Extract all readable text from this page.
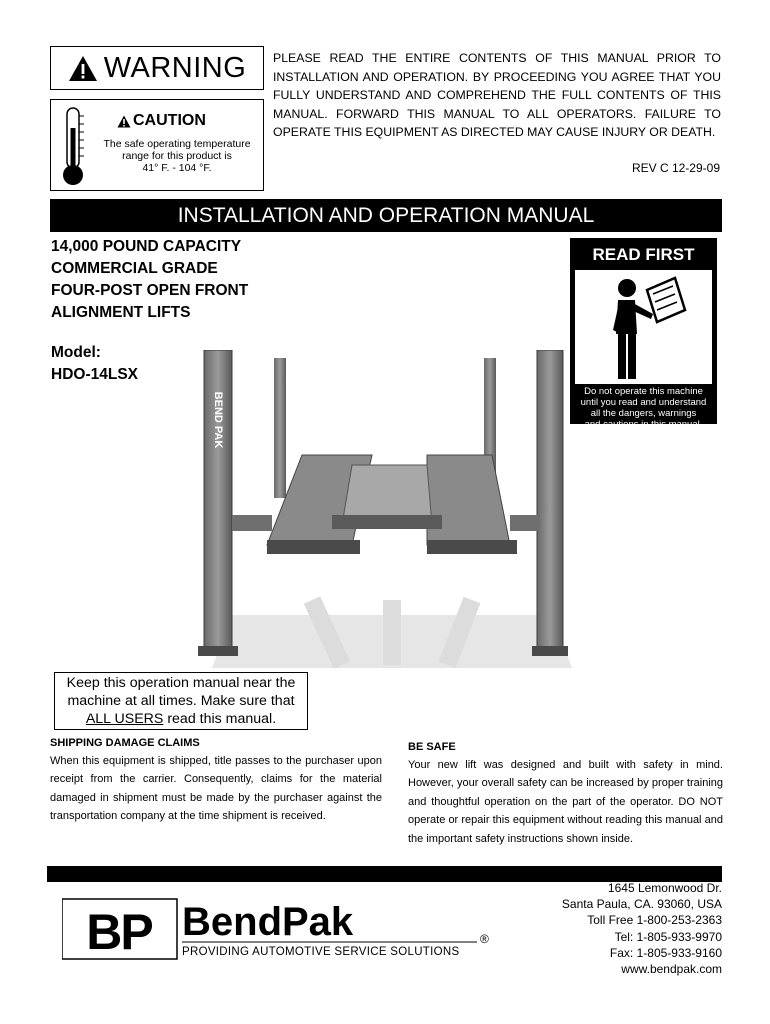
WARNING
CAUTION
The safe operating temperature
range for this product is
41° F. - 104 °F.
PLEASE READ THE ENTIRE CONTENTS OF THIS MANUAL PRIOR TO INSTALLATION AND OPERATION. BY PROCEEDING YOU AGREE THAT YOU FULLY UNDERSTAND AND COMPREHEND THE FULL CONTENTS OF THIS MANUAL. FORWARD THIS MANUAL TO ALL OPERATORS. FAILURE TO OPERATE THIS EQUIPMENT AS DIRECTED MAY CAUSE INJURY OR DEATH.
REV C 12-29-09
INSTALLATION AND OPERATION MANUAL
14,000 POUND CAPACITY
COMMERCIAL GRADE
FOUR-POST OPEN FRONT
ALIGNMENT LIFTS
Model:
HDO-14LSX
READ FIRST
Do not operate this machine
until you read and understand
all the dangers, warnings
and cautions in this manual.
BEND PAK
Keep this operation manual near the
machine at all times. Make sure that
ALL USERS read this manual.
SHIPPING DAMAGE CLAIMS
When this equipment is shipped, title passes to the purchaser upon receipt from the carrier. Consequently, claims for the material damaged in shipment must be made by the purchaser against the transportation company at the time shipment is received.
BE SAFE
Your new lift was designed and built with safety in mind. However, your overall safety can be increased by proper training and thoughtful operation on the part of the operator. DO NOT operate or repair this equipment without reading this manual and the important safety instructions shown inside.
BP BendPak	®
PROVIDING AUTOMOTIVE SERVICE SOLUTIONS
1645 Lemonwood Dr.
Santa Paula, CA. 93060, USA
Toll Free 1-800-253-2363
Tel: 1-805-933-9970
Fax: 1-805-933-9160
www.bendpak.com
